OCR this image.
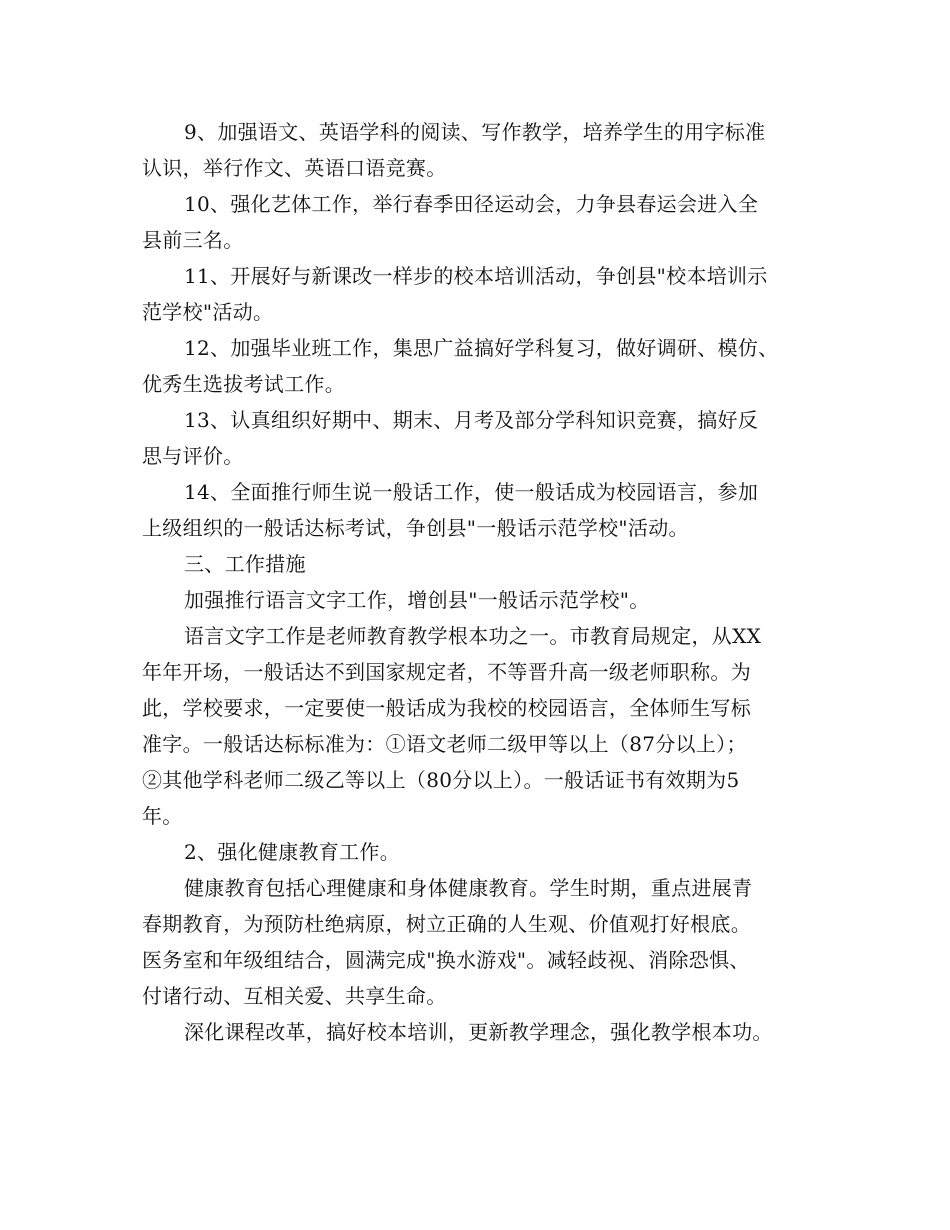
9、加强语文、英语学科的阅读、写作教学，培养学生的用字标准
认识，举行作文、英语口语竞赛。
10、强化艺体工作，举行春季田径运动会，力争县春运会进入全
县前三名。
11、开展好与新课改一样步的校本培训活动，争创县"校本培训示
范学校"活动。
12、加强毕业班工作，集思广益搞好学科复习，做好调研、模仿、
优秀生选拔考试工作。
13、认真组织好期中、期末、月考及部分学科知识竞赛，搞好反
思与评价。
14、全面推行师生说一般话工作，使一般话成为校园语言，参加
上级组织的一般话达标考试，争创县"一般话示范学校"活动。
三、工作措施
加强推行语言文字工作，增创县"一般话示范学校"。
语言文字工作是老师教育教学根本功之一。市教育局规定，从XX
年年开场，一般话达不到国家规定者，不等晋升高一级老师职称。为
此，学校要求，一定要使一般话成为我校的校园语言，全体师生写标
准字。一般话达标标准为：①语文老师二级甲等以上（87分以上）；
②其他学科老师二级乙等以上（80分以上）。一般话证书有效期为5
年。
2、强化健康教育工作。
健康教育包括心理健康和身体健康教育。学生时期，重点进展青
春期教育，为预防杜绝病原，树立正确的人生观、价值观打好根底。
医务室和年级组结合，圆满完成"换水游戏"。减轻歧视、消除恐惧、
付诸行动、互相关爱、共享生命。
深化课程改革，搞好校本培训，更新教学理念，强化教学根本功。
